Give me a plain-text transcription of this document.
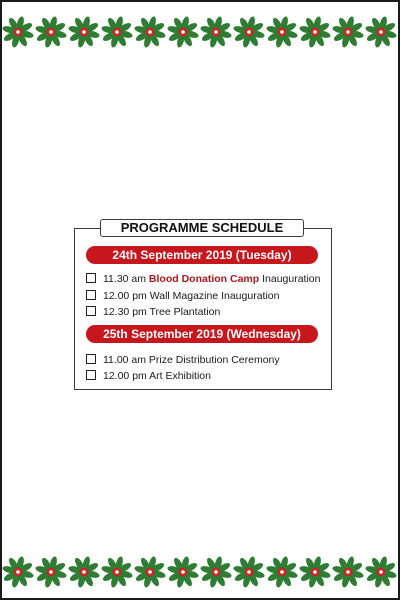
PROGRAMME SCHEDULE
24th September 2019 (Tuesday)
11.30 am Blood Donation Camp Inauguration
12.00 pm Wall Magazine Inauguration
12.30 pm Tree Plantation
25th September 2019 (Wednesday)
11.00 am Prize Distribution Ceremony
12.00 pm Art Exhibition
